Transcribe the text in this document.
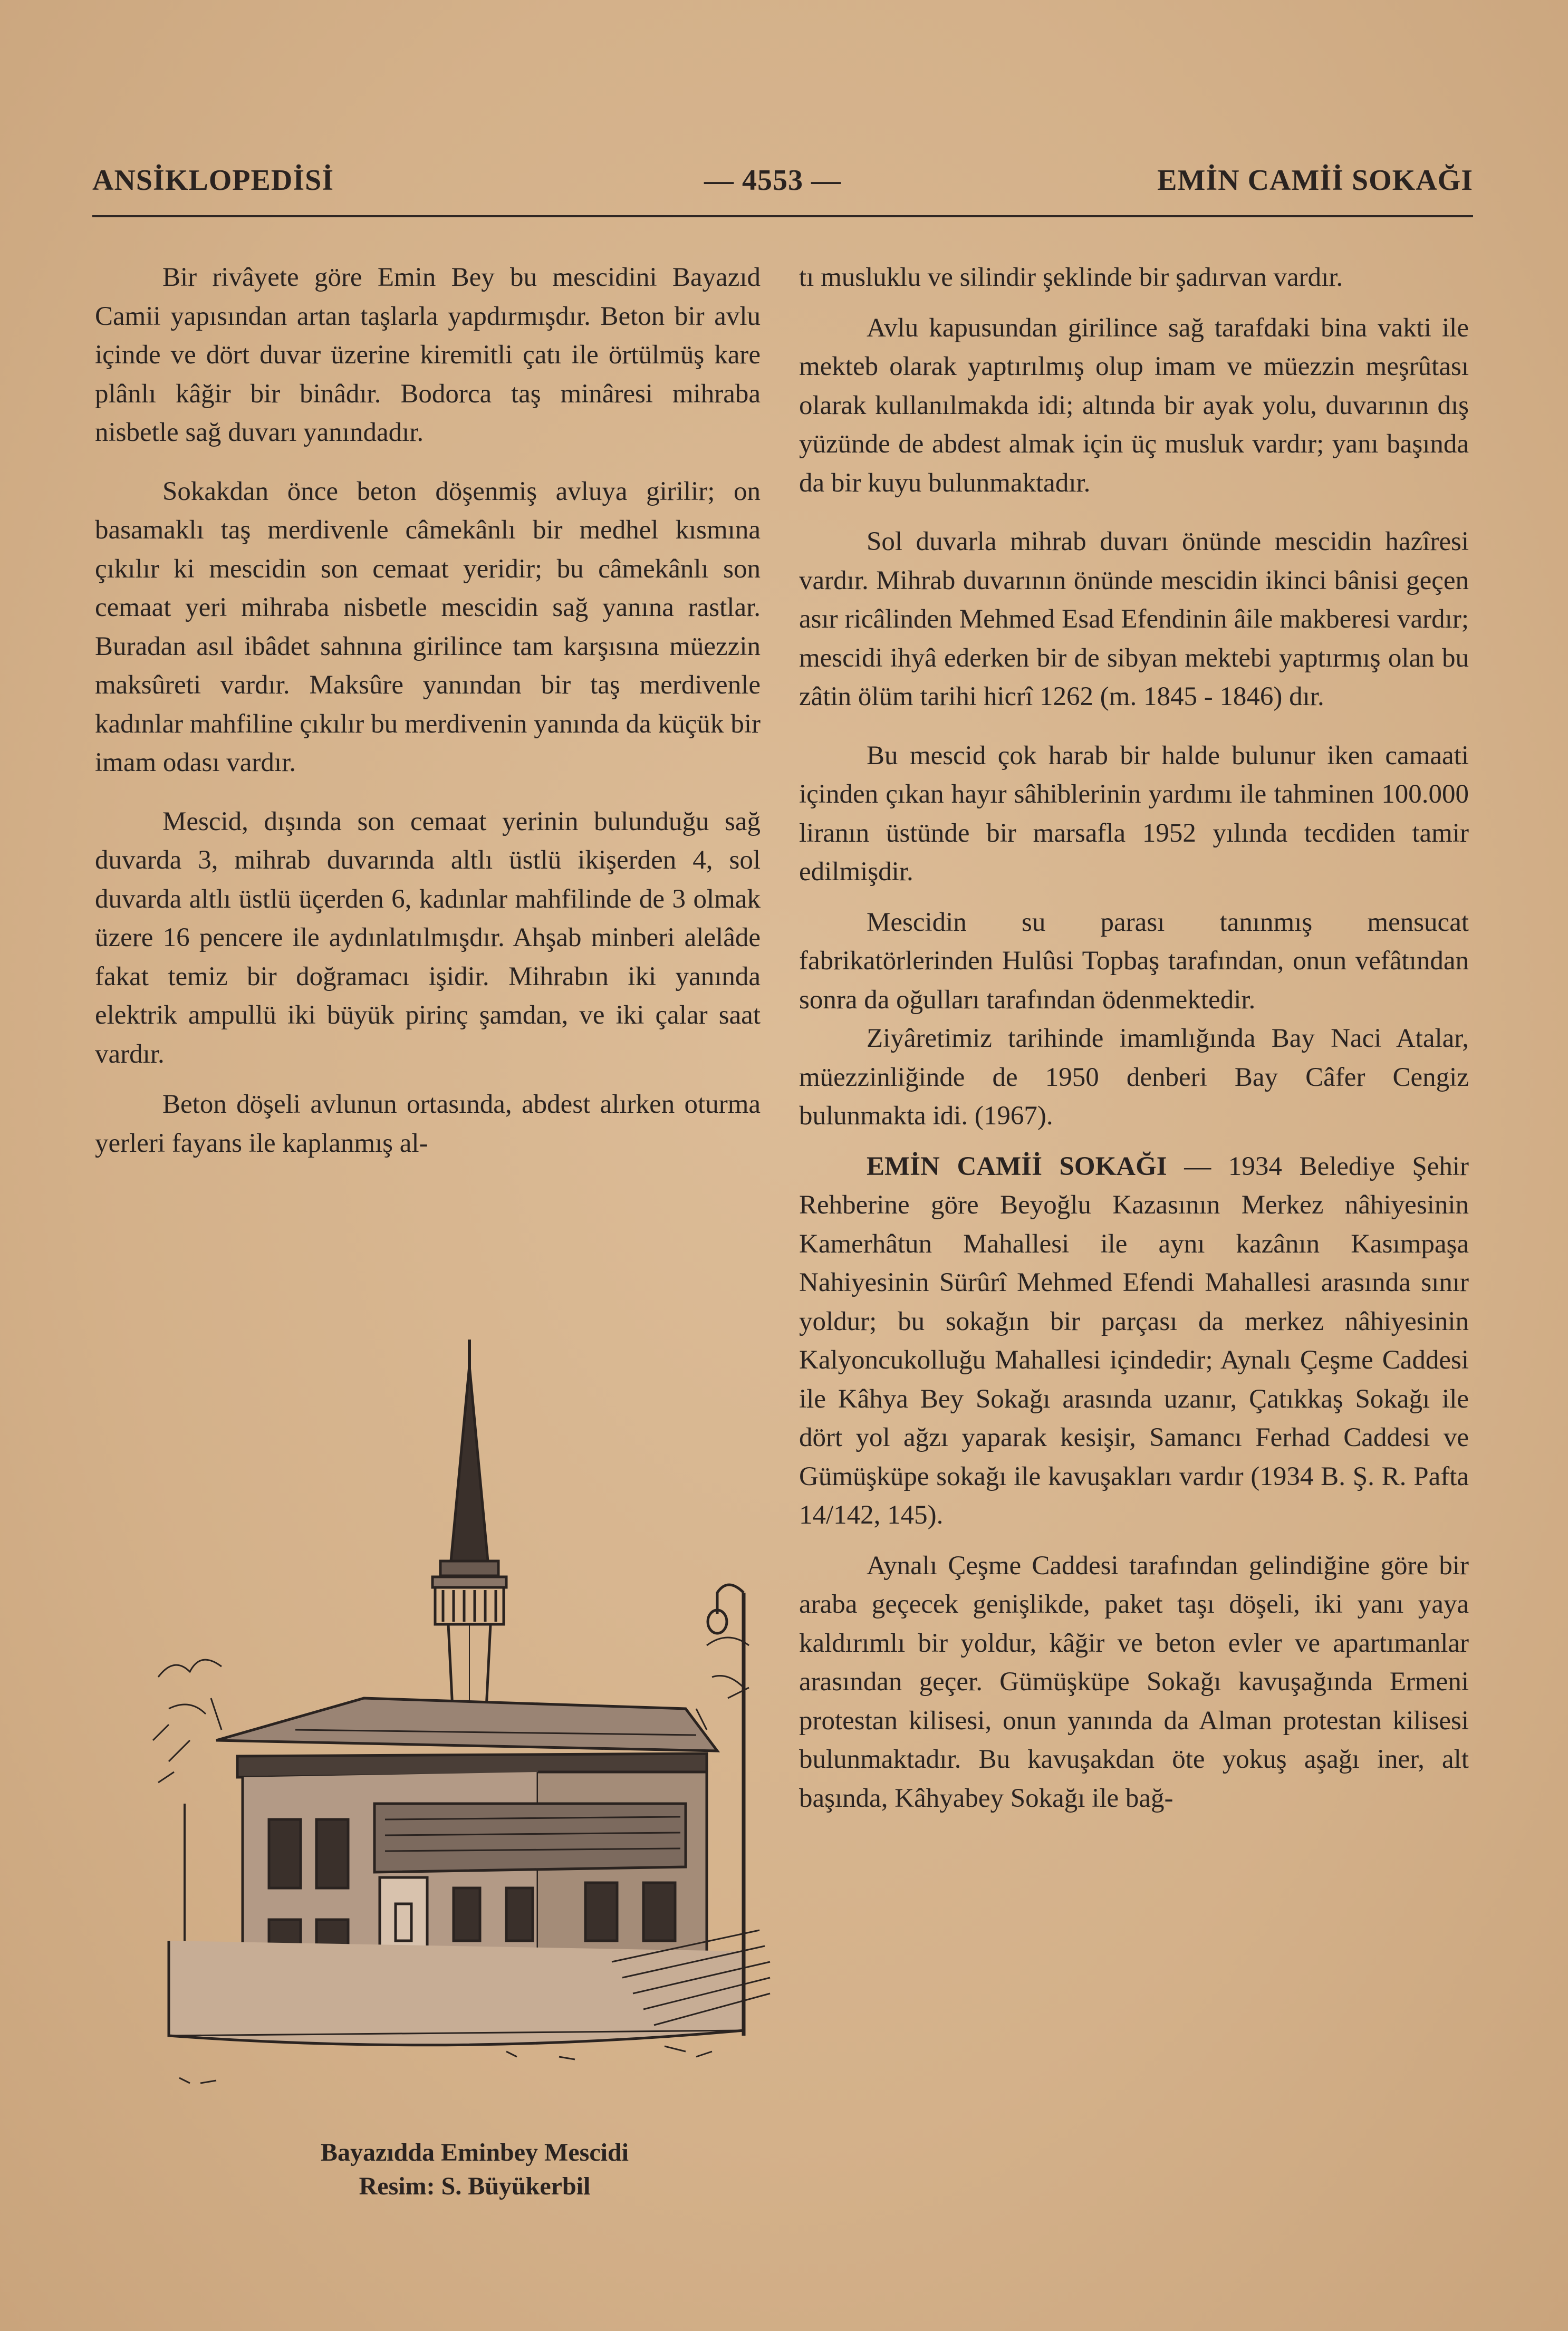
ANSİKLOPEDİSİ	— 4553 —	EMİN CAMİİ SOKAĞI

Bir rivâyete göre Emin Bey bu mescidini Bayazıd Camii yapısından artan taşlarla yapdırmışdır. Beton bir avlu içinde ve dört duvar üzerine kiremitli çatı ile örtülmüş kare plânlı kâğir bir binâdır. Bodorca taş minâresi mihraba nisbetle sağ duvarı yanındadır.

Sokakdan önce beton döşenmiş avluya girilir; on basamaklı taş merdivenle câmekânlı bir medhel kısmına çıkılır ki mescidin son cemaat yeridir; bu câmekânlı son cemaat yeri mihraba nisbetle mescidin sağ yanına rastlar. Buradan asıl ibâdet sahnına girilince tam karşısına müezzin maksûreti vardır. Maksûre yanından bir taş merdivenle kadınlar mahfiline çıkılır bu merdivenin yanında da küçük bir imam odası vardır.

Mescid, dışında son cemaat yerinin bulunduğu sağ duvarda 3, mihrab duvarında altlı üstlü ikişerden 4, sol duvarda altlı üstlü üçerden 6, kadınlar mahfilinde de 3 olmak üzere 16 pencere ile aydınlatılmışdır. Ahşab minberi alelâde fakat temiz bir doğramacı işidir. Mihrabın iki yanında elektrik ampullü iki büyük pirinç şamdan, ve iki çalar saat vardır.

Beton döşeli avlunun ortasında, abdest alırken oturma yerleri fayans ile kaplanmış al-

tı musluklu ve silindir şeklinde bir şadırvan vardır.

Avlu kapusundan girilince sağ tarafdaki bina vakti ile mekteb olarak yaptırılmış olup imam ve müezzin meşrûtası olarak kullanılmakda idi; altında bir ayak yolu, duvarının dış yüzünde de abdest almak için üç musluk vardır; yanı başında da bir kuyu bulunmaktadır.

Sol duvarla mihrab duvarı önünde mescidin hazîresi vardır. Mihrab duvarının önünde mescidin ikinci bânisi geçen asır ricâlinden Mehmed Esad Efendinin âile makberesi vardır; mescidi ihyâ ederken bir de sibyan mektebi yaptırmış olan bu zâtin ölüm tarihi hicrî 1262 (m. 1845 - 1846) dır.

Bu mescid çok harab bir halde bulunur iken camaati içinden çıkan hayır sâhiblerinin yardımı ile tahminen 100.000 liranın üstünde bir marsafla 1952 yılında tecdiden tamir edilmişdir.

Mescidin su parası tanınmış mensucat fabrikatörlerinden Hulûsi Topbaş tarafından, onun vefâtından sonra da oğulları tarafından ödenmektedir.

Ziyâretimiz tarihinde imamlığında Bay Naci Atalar, müezzinliğinde de 1950 denberi Bay Câfer Cengiz bulunmakta idi. (1967).

EMİN CAMİİ SOKAĞI — 1934 Belediye Şehir Rehberine göre Beyoğlu Kazasının Merkez nâhiyesinin Kamerhâtun Mahallesi ile aynı kazânın Kasımpaşa Nahiyesinin Sürûrî Mehmed Efendi Mahallesi arasında sınır yoldur; bu sokağın bir parçası da merkez nâhiyesinin Kalyoncukolluğu Mahallesi içindedir; Aynalı Çeşme Caddesi ile Kâhya Bey Sokağı arasında uzanır, Çatıkkaş Sokağı ile dört yol ağzı yaparak kesişir, Samancı Ferhad Caddesi ve Gümüşküpe sokağı ile kavuşakları vardır (1934 B. Ş. R. Pafta 14/142, 145).

Aynalı Çeşme Caddesi tarafından gelindiğine göre bir araba geçecek genişlikde, paket taşı döşeli, iki yanı yaya kaldırımlı bir yoldur, kâğir ve beton evler ve apartımanlar arasından geçer. Gümüşküpe Sokağı kavuşağında Ermeni protestan kilisesi, onun yanında da Alman protestan kilisesi bulunmaktadır. Bu kavuşakdan öte yokuş aşağı iner, alt başında, Kâhyabey Sokağı ile bağ-

Bayazıdda Eminbey Mescidi
Resim: S. Büyükerbil
